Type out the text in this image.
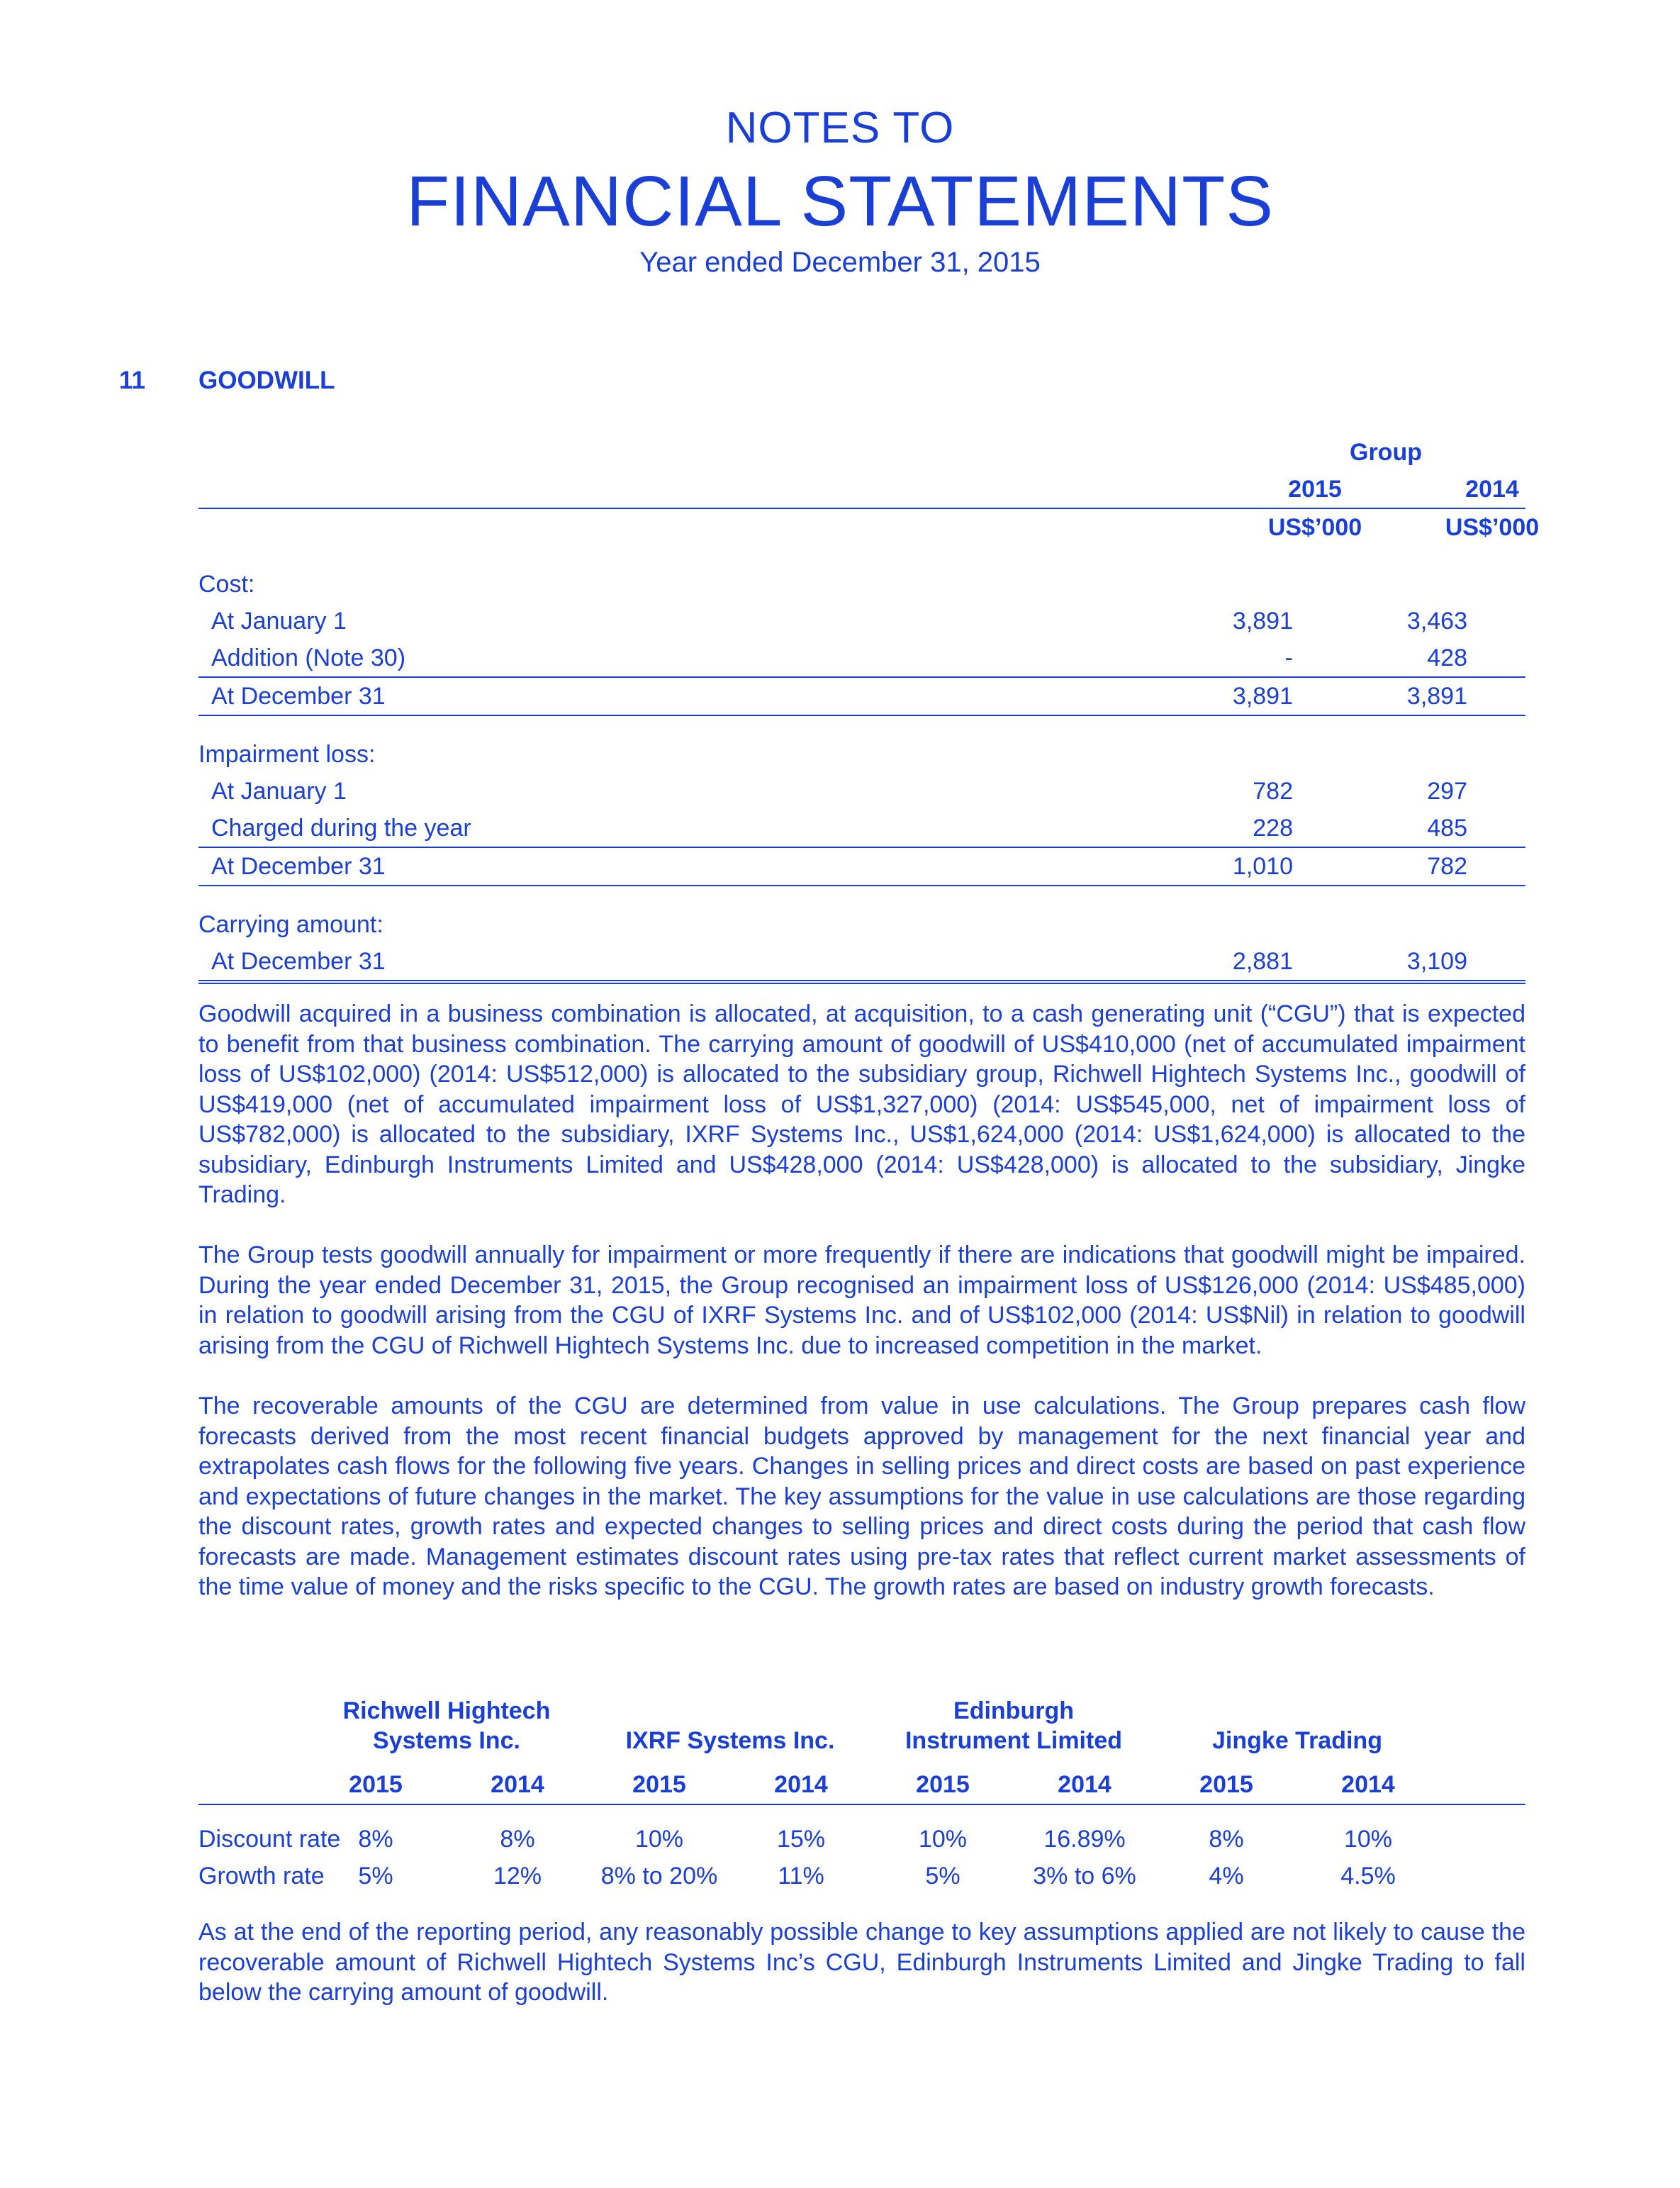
NOTES TO
FINANCIAL STATEMENTS
Year ended December 31, 2015
11 GOODWILL
Group
2015	2014
US$’000	US$’000
Cost:
At January 1	3,891	3,463
Addition (Note 30)	-	428
At December 31	3,891	3,891
Impairment loss:
At January 1	782	297
Charged during the year	228	485
At December 31	1,010	782
Carrying amount:
At December 31	2,881	3,109

Goodwill acquired in a business combination is allocated, at acquisition, to a cash generating unit (“CGU”) that is expected to benefit from that business combination. The carrying amount of goodwill of US$410,000 (net of accumulated impairment loss of US$102,000) (2014: US$512,000) is allocated to the subsidiary group, Richwell Hightech Systems Inc., goodwill of US$419,000 (net of accumulated impairment loss of US$1,327,000) (2014: US$545,000, net of impairment loss of US$782,000) is allocated to the subsidiary, IXRF Systems Inc., US$1,624,000 (2014: US$1,624,000) is allocated to the subsidiary, Edinburgh Instruments Limited and US$428,000 (2014: US$428,000) is allocated to the subsidiary, Jingke Trading.

The Group tests goodwill annually for impairment or more frequently if there are indications that goodwill might be impaired. During the year ended December 31, 2015, the Group recognised an impairment loss of US$126,000 (2014: US$485,000) in relation to goodwill arising from the CGU of IXRF Systems Inc. and of US$102,000 (2014: US$Nil) in relation to goodwill arising from the CGU of Richwell Hightech Systems Inc. due to increased competition in the market.

The recoverable amounts of the CGU are determined from value in use calculations. The Group prepares cash flow forecasts derived from the most recent financial budgets approved by management for the next financial year and extrapolates cash flows for the following five years. Changes in selling prices and direct costs are based on past experience and expectations of future changes in the market. The key assumptions for the value in use calculations are those regarding the discount rates, growth rates and expected changes to selling prices and direct costs during the period that cash flow forecasts are made. Management estimates discount rates using pre-tax rates that reflect current market assessments of the time value of money and the risks specific to the CGU. The growth rates are based on industry growth forecasts.

Richwell Hightech
Systems Inc.	IXRF Systems Inc.
Edinburgh
Instrument Limited	Jingke Trading
2015	2014	2015	2014	2015	2014	2015	2014
Discount rate 8%	8%	10%	15%	10%	16.89%	8%	10%
Growth rate	5%	12%	8% to 20%	11%	5%	3% to 6%	4%	4.5%

As at the end of the reporting period, any reasonably possible change to key assumptions applied are not likely to cause the recoverable amount of Richwell Hightech Systems Inc’s CGU, Edinburgh Instruments Limited and Jingke Trading to fall below the carrying amount of goodwill.
